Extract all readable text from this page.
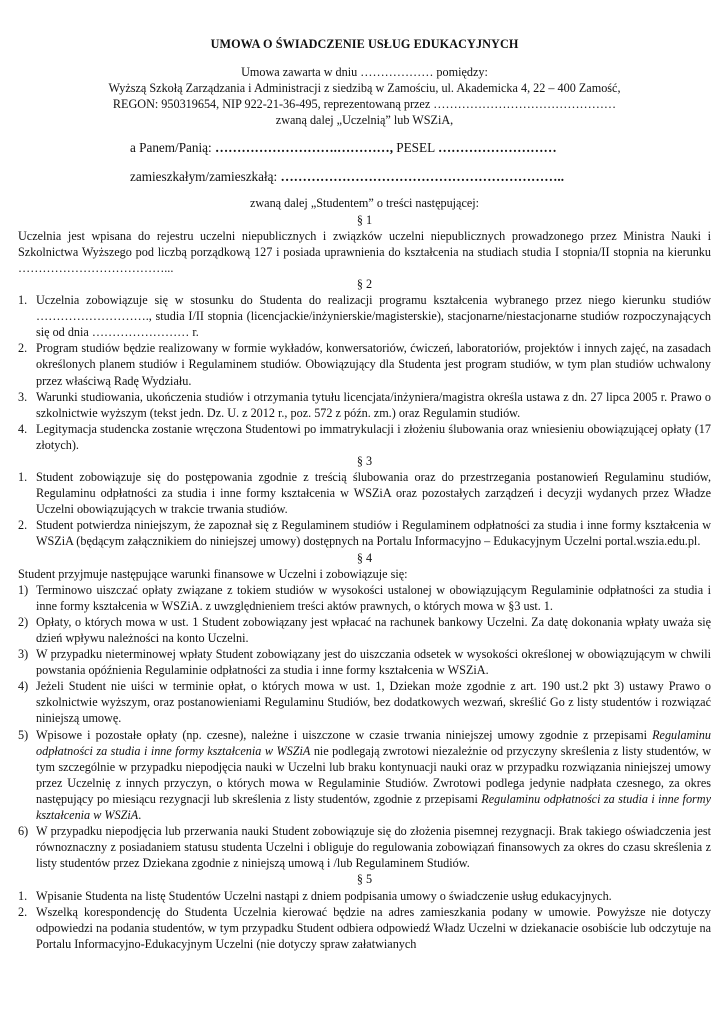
UMOWA O ŚWIADCZENIE USŁUG EDUKACYJNYCH
Umowa zawarta w dniu ……………… pomiędzy:
Wyższą Szkołą Zarządzania i Administracji z siedzibą w Zamościu, ul. Akademicka 4, 22 – 400 Zamość,
REGON: 950319654, NIP 922-21-36-495, reprezentowaną przez ………………………………………
zwaną dalej „Uczelnią” lub WSZiA,
a Panem/Panią: ……………………….…………, PESEL ………………………
zamieszkałym/zamieszkałą: ………………………………………………………..
zwaną dalej „Studentem” o treści następującej:
§ 1
Uczelnia jest wpisana do rejestru uczelni niepublicznych i związków uczelni niepublicznych prowadzonego przez Ministra Nauki i Szkolnictwa Wyższego pod liczbą porządkową 127 i posiada uprawnienia do kształcenia na studiach studia I stopnia/II stopnia na kierunku ………………………………...
§ 2
1. Uczelnia zobowiązuje się w stosunku do Studenta do realizacji programu kształcenia wybranego przez niego kierunku studiów ………………………., studia I/II stopnia (licencjackie/inżynierskie/magisterskie), stacjonarne/niestacjonarne studiów rozpoczynających się od dnia …………………… r.
2. Program studiów będzie realizowany w formie wykładów, konwersatoriów, ćwiczeń, laboratoriów, projektów i innych zajęć, na zasadach określonych planem studiów i Regulaminem studiów. Obowiązujący dla Studenta jest program studiów, w tym plan studiów uchwalony przez właściwą Radę Wydziału.
3. Warunki studiowania, ukończenia studiów i otrzymania tytułu licencjata/inżyniera/magistra określa ustawa z dn. 27 lipca 2005 r. Prawo o szkolnictwie wyższym (tekst jedn. Dz. U. z 2012 r., poz. 572 z późn. zm.) oraz Regulamin studiów.
4. Legitymacja studencka zostanie wręczona Studentowi po immatrykulacji i złożeniu ślubowania oraz wniesieniu obowiązującej opłaty (17 złotych).
§ 3
1. Student zobowiązuje się do postępowania zgodnie z treścią ślubowania oraz do przestrzegania postanowień Regulaminu studiów, Regulaminu odpłatności za studia i inne formy kształcenia w WSZiA oraz pozostałych zarządzeń i decyzji wydanych przez Władze Uczelni obowiązujących w trakcie trwania studiów.
2. Student potwierdza niniejszym, że zapoznał się z Regulaminem studiów i Regulaminem odpłatności za studia i inne formy kształcenia w WSZiA (będącym załącznikiem do niniejszej umowy) dostępnych na Portalu Informacyjno – Edukacyjnym Uczelni portal.wszia.edu.pl.
§ 4
Student przyjmuje następujące warunki finansowe w Uczelni i zobowiązuje się:
1) Terminowo uiszczać opłaty związane z tokiem studiów w wysokości ustalonej w obowiązującym Regulaminie odpłatności za studia i inne formy kształcenia w WSZiA. z uwzględnieniem treści aktów prawnych, o których mowa w §3 ust. 1.
2) Opłaty, o których mowa w ust. 1 Student zobowiązany jest wpłacać na rachunek bankowy Uczelni. Za datę dokonania wpłaty uważa się dzień wpływu należności na konto Uczelni.
3) W przypadku nieterminowej wpłaty Student zobowiązany jest do uiszczania odsetek w wysokości określonej w obowiązującym w chwili powstania opóźnienia Regulaminie odpłatności za studia i inne formy kształcenia w WSZiA.
4) Jeżeli Student nie uiści w terminie opłat, o których mowa w ust. 1, Dziekan może zgodnie z art. 190 ust.2 pkt 3) ustawy Prawo o szkolnictwie wyższym, oraz postanowieniami Regulaminu Studiów, bez dodatkowych wezwań, skreślić Go z listy studentów i rozwiązać niniejszą umowę.
5) Wpisowe i pozostałe opłaty (np. czesne), należne i uiszczone w czasie trwania niniejszej umowy zgodnie z przepisami Regulaminu odpłatności za studia i inne formy kształcenia w WSZiA nie podlegają zwrotowi niezależnie od przyczyny skreślenia z listy studentów, w tym szczególnie w przypadku niepodjęcia nauki w Uczelni lub braku kontynuacji nauki oraz w przypadku rozwiązania niniejszej umowy przez Uczelnię z innych przyczyn, o których mowa w Regulaminie Studiów. Zwrotowi podlega jedynie nadpłata czesnego, za okres następujący po miesiącu rezygnacji lub skreślenia z listy studentów, zgodnie z przepisami Regulaminu odpłatności za studia i inne formy kształcenia w WSZiA.
6) W przypadku niepodjęcia lub przerwania nauki Student zobowiązuje się do złożenia pisemnej rezygnacji. Brak takiego oświadczenia jest równoznaczny z posiadaniem statusu studenta Uczelni i obliguje do regulowania zobowiązań finansowych za okres do czasu skreślenia z listy studentów przez Dziekana zgodnie z niniejszą umową i /lub Regulaminem Studiów.
§ 5
1. Wpisanie Studenta na listę Studentów Uczelni nastąpi z dniem podpisania umowy o świadczenie usług edukacyjnych.
2. Wszelką korespondencję do Studenta Uczelnia kierować będzie na adres zamieszkania podany w umowie. Powyższe nie dotyczy odpowiedzi na podania studentów, w tym przypadku Student odbiera odpowiedź Władz Uczelni w dziekanacie osobiście lub odczytuje na Portalu Informacyjno-Edukacyjnym Uczelni (nie dotyczy spraw załatwianych
